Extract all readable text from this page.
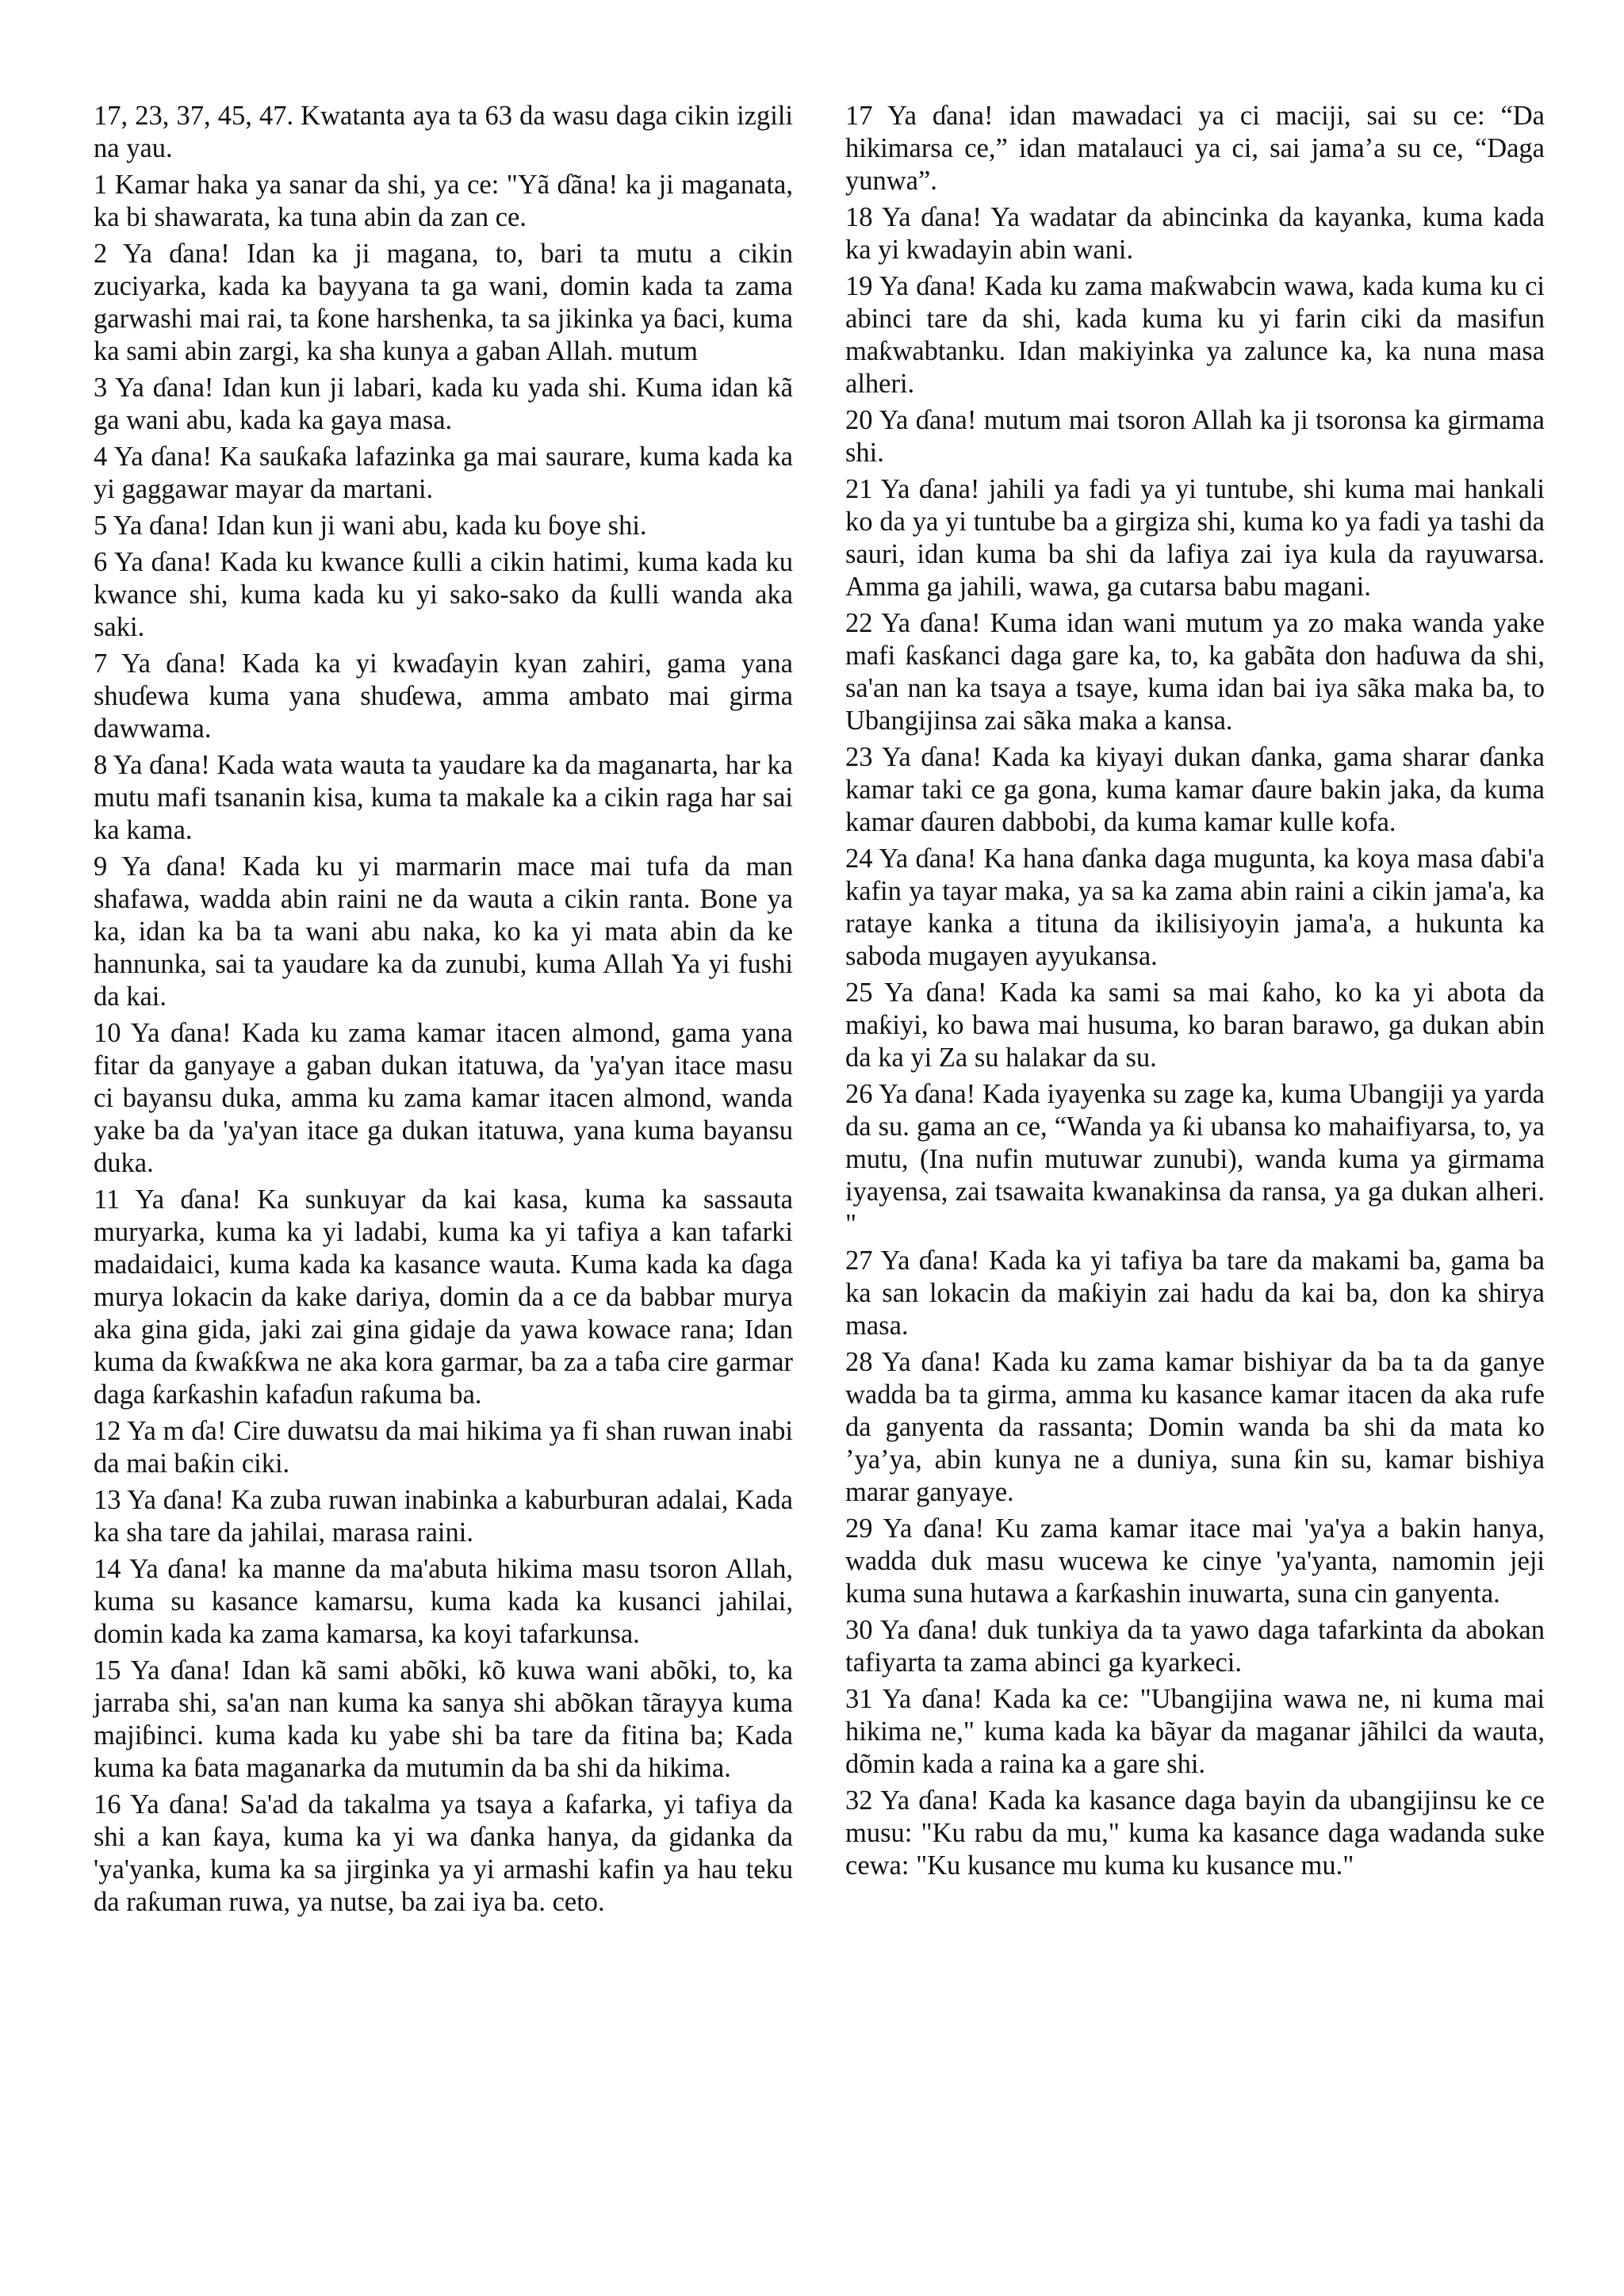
17, 23, 37, 45, 47. Kwatanta aya ta 63 da wasu daga cikin izgili na yau.

1 Kamar haka ya sanar da shi, ya ce: "Yã ɗãna! ka ji maganata, ka bi shawarata, ka tuna abin da zan ce.

2 Ya ɗana! Idan ka ji magana, to, bari ta mutu a cikin zuciyarka, kada ka bayyana ta ga wani, domin kada ta zama garwashi mai rai, ta ƙone harshenka, ta sa jikinka ya ɓaci, kuma ka sami abin zargi, ka sha kunya a gaban Allah. mutum

3 Ya ɗana! Idan kun ji labari, kada ku yada shi. Kuma idan kã ga wani abu, kada ka gaya masa.

4 Ya ɗana! Ka sauƙaƙa lafazinka ga mai saurare, kuma kada ka yi gaggawar mayar da martani.

5 Ya ɗana! Idan kun ji wani abu, kada ku ɓoye shi.

6 Ya ɗana! Kada ku kwance ƙulli a cikin hatimi, kuma kada ku kwance shi, kuma kada ku yi sako-sako da ƙulli wanda aka saki.

7 Ya ɗana! Kada ka yi kwaɗayin kyan zahiri, gama yana shuɗewa kuma yana shuɗewa, amma ambato mai girma dawwama.

8 Ya ɗana! Kada wata wauta ta yaudare ka da maganarta, har ka mutu mafi tsananin kisa, kuma ta makale ka a cikin raga har sai ka kama.

9 Ya ɗana! Kada ku yi marmarin mace mai tufa da man shafawa, wadda abin raini ne da wauta a cikin ranta. Bone ya ka, idan ka ba ta wani abu naka, ko ka yi mata abin da ke hannunka, sai ta yaudare ka da zunubi, kuma Allah Ya yi fushi da kai.

10 Ya ɗana! Kada ku zama kamar itacen almond, gama yana fitar da ganyaye a gaban dukan itatuwa, da 'ya'yan itace masu ci bayansu duka, amma ku zama kamar itacen almond, wanda yake ba da 'ya'yan itace ga dukan itatuwa, yana kuma bayansu duka.

11 Ya ɗana! Ka sunkuyar da kai kasa, kuma ka sassauta muryarka, kuma ka yi ladabi, kuma ka yi tafiya a kan tafarki madaidaici, kuma kada ka kasance wauta. Kuma kada ka ɗaga murya lokacin da kake dariya, domin da a ce da babbar murya aka gina gida, jaki zai gina gidaje da yawa kowace rana; Idan kuma da ƙwaƙƙwa ne aka kora garmar, ba za a taɓa cire garmar daga ƙarƙashin kafaɗun raƙuma ba.

12 Ya m ɗa! Cire duwatsu da mai hikima ya fi shan ruwan inabi da mai baƙin ciki.

13 Ya ɗana! Ka zuba ruwan inabinka a kaburburan adalai, Kada ka sha tare da jahilai, marasa raini.

14 Ya ɗana! ka manne da ma'abuta hikima masu tsoron Allah, kuma su kasance kamarsu, kuma kada ka kusanci jahilai, domin kada ka zama kamarsa, ka koyi tafarkunsa.

15 Ya ɗana! Idan kã sami abõki, kõ kuwa wani abõki, to, ka jarraba shi, sa'an nan kuma ka sanya shi abõkan tãrayya kuma majiɓinci. kuma kada ku yabe shi ba tare da fitina ba; Kada kuma ka ɓata maganarka da mutumin da ba shi da hikima.

16 Ya ɗana! Sa'ad da takalma ya tsaya a ƙafarka, yi tafiya da shi a kan ƙaya, kuma ka yi wa ɗanka hanya, da gidanka da 'ya'yanka, kuma ka sa jirginka ya yi armashi kafin ya hau teku da raƙuman ruwa, ya nutse, ba zai iya ba. ceto.

17 Ya ɗana! idan mawadaci ya ci maciji, sai su ce: “Da hikimarsa ce,” idan matalauci ya ci, sai jama’a su ce, “Daga yunwa”.

18 Ya ɗana! Ya wadatar da abincinka da kayanka, kuma kada ka yi kwadayin abin wani.

19 Ya ɗana! Kada ku zama maƙwabcin wawa, kada kuma ku ci abinci tare da shi, kada kuma ku yi farin ciki da masifun maƙwabtanku. Idan makiyinka ya zalunce ka, ka nuna masa alheri.

20 Ya ɗana! mutum mai tsoron Allah ka ji tsoronsa ka girmama shi.

21 Ya ɗana! jahili ya fadi ya yi tuntube, shi kuma mai hankali ko da ya yi tuntube ba a girgiza shi, kuma ko ya fadi ya tashi da sauri, idan kuma ba shi da lafiya zai iya kula da rayuwarsa. Amma ga jahili, wawa, ga cutarsa babu magani.

22 Ya ɗana! Kuma idan wani mutum ya zo maka wanda yake mafi ƙasƙanci daga gare ka, to, ka gabãta don haɗuwa da shi, sa'an nan ka tsaya a tsaye, kuma idan bai iya sãka maka ba, to Ubangijinsa zai sãka maka a kansa.

23 Ya ɗana! Kada ka kiyayi dukan ɗanka, gama sharar ɗanka kamar taki ce ga gona, kuma kamar ɗaure bakin jaka, da kuma kamar ɗauren dabbobi, da kuma kamar kulle kofa.

24 Ya ɗana! Ka hana ɗanka daga mugunta, ka koya masa ɗabi'a kafin ya tayar maka, ya sa ka zama abin raini a cikin jama'a, ka rataye kanka a tituna da ikilisiyoyin jama'a, a hukunta ka saboda mugayen ayyukansa.

25 Ya ɗana! Kada ka sami sa mai ƙaho, ko ka yi abota da maƙiyi, ko bawa mai husuma, ko baran barawo, ga dukan abin da ka yi Za su halakar da su.

26 Ya ɗana! Kada iyayenka su zage ka, kuma Ubangiji ya yarda da su. gama an ce, “Wanda ya ƙi ubansa ko mahaifiyarsa, to, ya mutu, (Ina nufin mutuwar zunubi), wanda kuma ya girmama iyayensa, zai tsawaita kwanakinsa da ransa, ya ga dukan alheri. "

27 Ya ɗana! Kada ka yi tafiya ba tare da makami ba, gama ba ka san lokacin da maƙiyin zai hadu da kai ba, don ka shirya masa.

28 Ya ɗana! Kada ku zama kamar bishiyar da ba ta da ganye wadda ba ta girma, amma ku kasance kamar itacen da aka rufe da ganyenta da rassanta; Domin wanda ba shi da mata ko ’ya’ya, abin kunya ne a duniya, suna ƙin su, kamar bishiya marar ganyaye.

29 Ya ɗana! Ku zama kamar itace mai 'ya'ya a bakin hanya, wadda duk masu wucewa ke cinye 'ya'yanta, namomin jeji kuma suna hutawa a ƙarƙashin inuwarta, suna cin ganyenta.

30 Ya ɗana! duk tunkiya da ta yawo daga tafarkinta da abokan tafiyarta ta zama abinci ga kyarkeci.

31 Ya ɗana! Kada ka ce: "Ubangijina wawa ne, ni kuma mai hikima ne," kuma kada ka bãyar da maganar jãhilci da wauta, dõmin kada a raina ka a gare shi.

32 Ya ɗana! Kada ka kasance daga bayin da ubangijinsu ke ce musu: "Ku rabu da mu," kuma ka kasance daga wadanda suke cewa: "Ku kusance mu kuma ku kusance mu."
